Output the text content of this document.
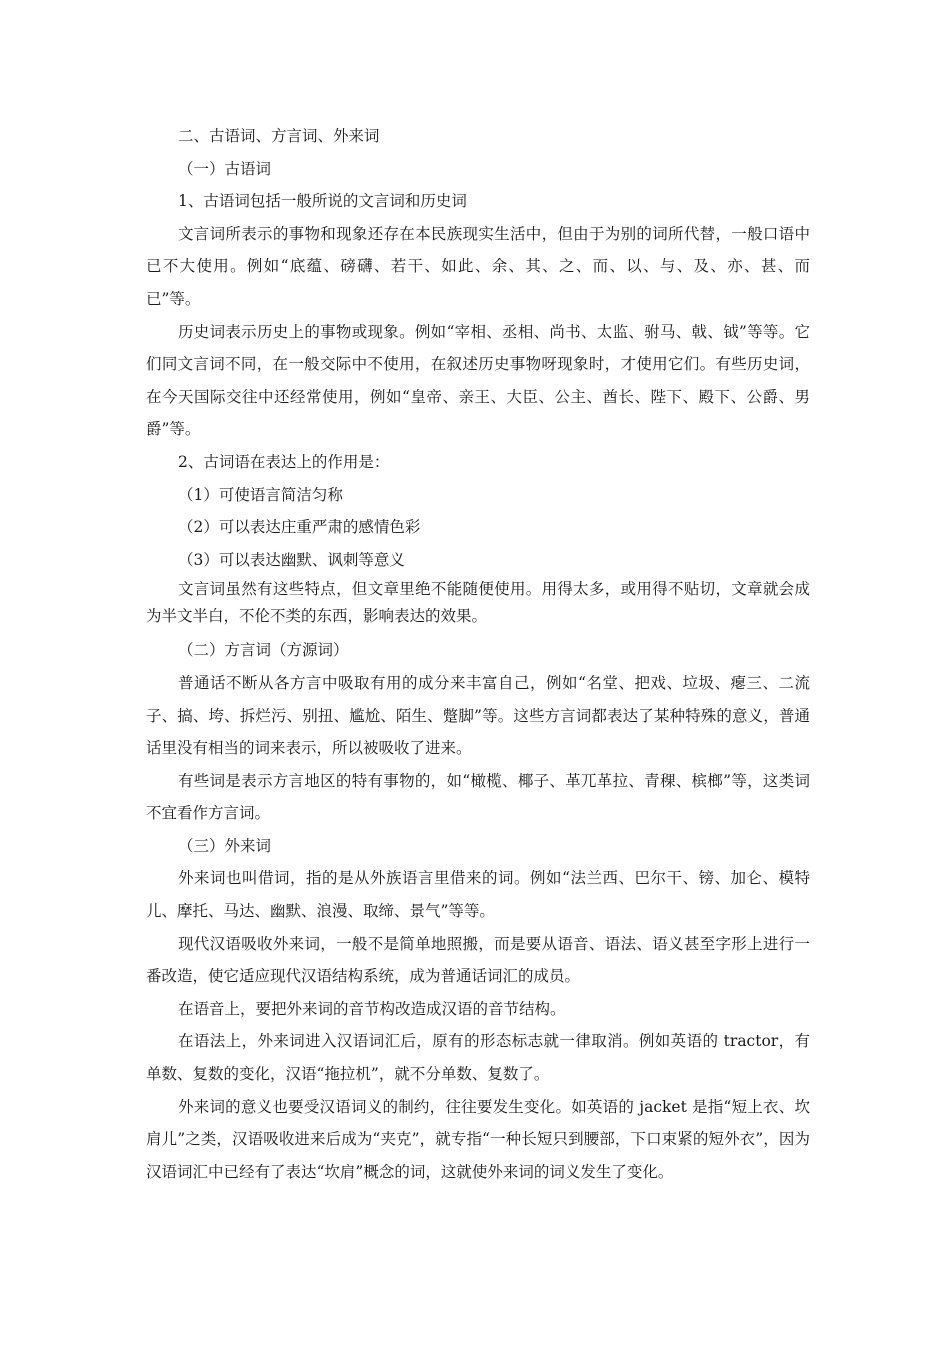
二、古语词、方言词、外来词
（一）古语词
1、古语词包括一般所说的文言词和历史词
文言词所表示的事物和现象还存在本民族现实生活中，但由于为别的词所代替，一般口语中已不大使用。例如“底蕴、磅礴、若干、如此、余、其、之、而、以、与、及、亦、甚、而已”等。
历史词表示历史上的事物或现象。例如“宰相、丞相、尚书、太监、驸马、戟、钺”等等。它们同文言词不同，在一般交际中不使用，在叙述历史事物呀现象时，才使用它们。有些历史词，在今天国际交往中还经常使用，例如“皇帝、亲王、大臣、公主、酋长、陛下、殿下、公爵、男爵”等。
2、古词语在表达上的作用是：
（1）可使语言简洁匀称
（2）可以表达庄重严肃的感情色彩
（3）可以表达幽默、讽刺等意义
文言词虽然有这些特点，但文章里绝不能随便使用。用得太多，或用得不贴切，文章就会成为半文半白，不伦不类的东西，影响表达的效果。
（二）方言词（方源词）
普通话不断从各方言中吸取有用的成分来丰富自己，例如“名堂、把戏、垃圾、瘪三、二流子、搞、垮、拆烂污、别扭、尴尬、陌生、蹩脚”等。这些方言词都表达了某种特殊的意义，普通话里没有相当的词来表示，所以被吸收了进来。
有些词是表示方言地区的特有事物的，如“橄榄、椰子、革兀革拉、青稞、槟榔”等，这类词不宜看作方言词。
（三）外来词
外来词也叫借词，指的是从外族语言里借来的词。例如“法兰西、巴尔干、镑、加仑、模特儿、摩托、马达、幽默、浪漫、取缔、景气”等等。
现代汉语吸收外来词，一般不是简单地照搬，而是要从语音、语法、语义甚至字形上进行一番改造，使它适应现代汉语结构系统，成为普通话词汇的成员。
在语音上，要把外来词的音节构改造成汉语的音节结构。
在语法上，外来词进入汉语词汇后，原有的形态标志就一律取消。例如英语的 tractor，有单数、复数的变化，汉语“拖拉机”，就不分单数、复数了。
外来词的意义也要受汉语词义的制约，往往要发生变化。如英语的 jacket 是指“短上衣、坎肩儿”之类，汉语吸收进来后成为“夹克”，就专指“一种长短只到腰部，下口束紧的短外衣”，因为汉语词汇中已经有了表达“坎肩”概念的词，这就使外来词的词义发生了变化。
